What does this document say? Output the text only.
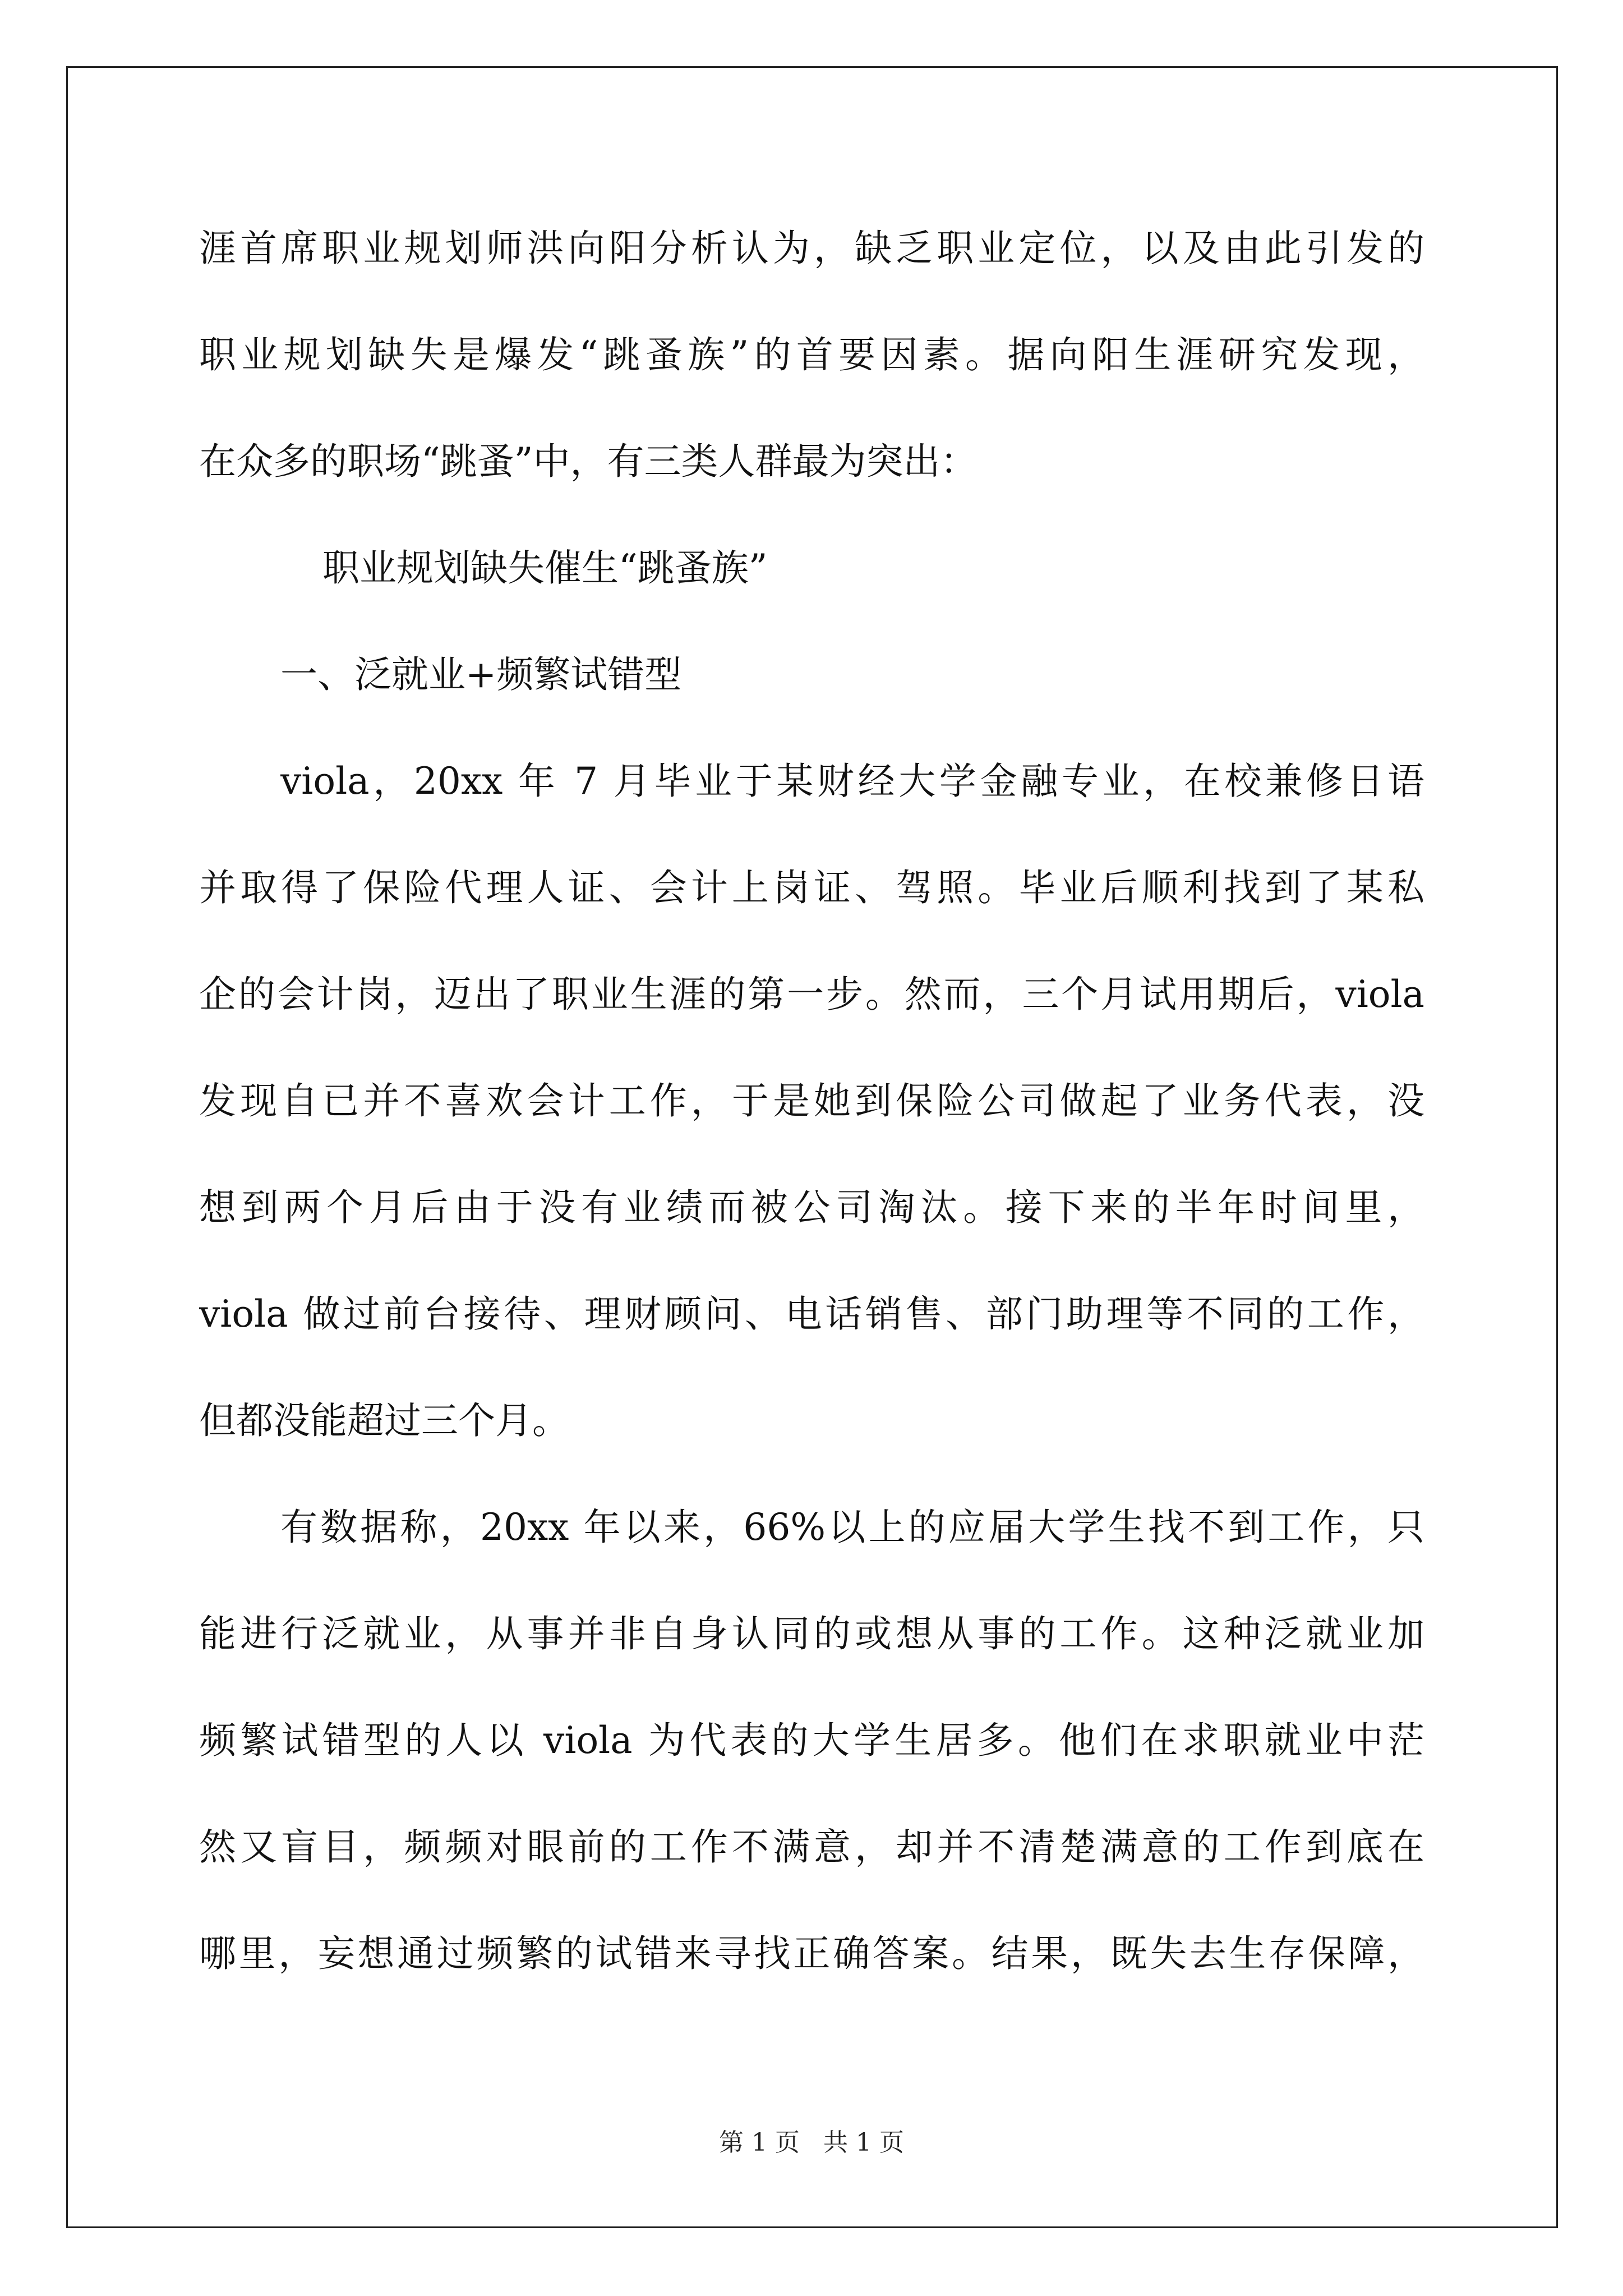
涯首席职业规划师洪向阳分析认为，缺乏职业定位，以及由此引发的
职业规划缺失是爆发“跳蚤族”的首要因素。据向阳生涯研究发现，
在众多的职场“跳蚤”中，有三类人群最为突出：
职业规划缺失催生“跳蚤族”
一、泛就业+频繁试错型
viola，20xx 年 7 月毕业于某财经大学金融专业，在校兼修日语
并取得了保险代理人证、会计上岗证、驾照。毕业后顺利找到了某私
企的会计岗，迈出了职业生涯的第一步。然而，三个月试用期后，viola
发现自已并不喜欢会计工作，于是她到保险公司做起了业务代表，没
想到两个月后由于没有业绩而被公司淘汰。接下来的半年时间里，
viola 做过前台接待、理财顾问、电话销售、部门助理等不同的工作，
但都没能超过三个月。
有数据称，20xx 年以来，66%以上的应届大学生找不到工作，只
能进行泛就业，从事并非自身认同的或想从事的工作。这种泛就业加
频繁试错型的人以 viola 为代表的大学生居多。他们在求职就业中茫
然又盲目，频频对眼前的工作不满意，却并不清楚满意的工作到底在
哪里，妄想通过频繁的试错来寻找正确答案。结果，既失去生存保障，
第 1 页 共 1 页
